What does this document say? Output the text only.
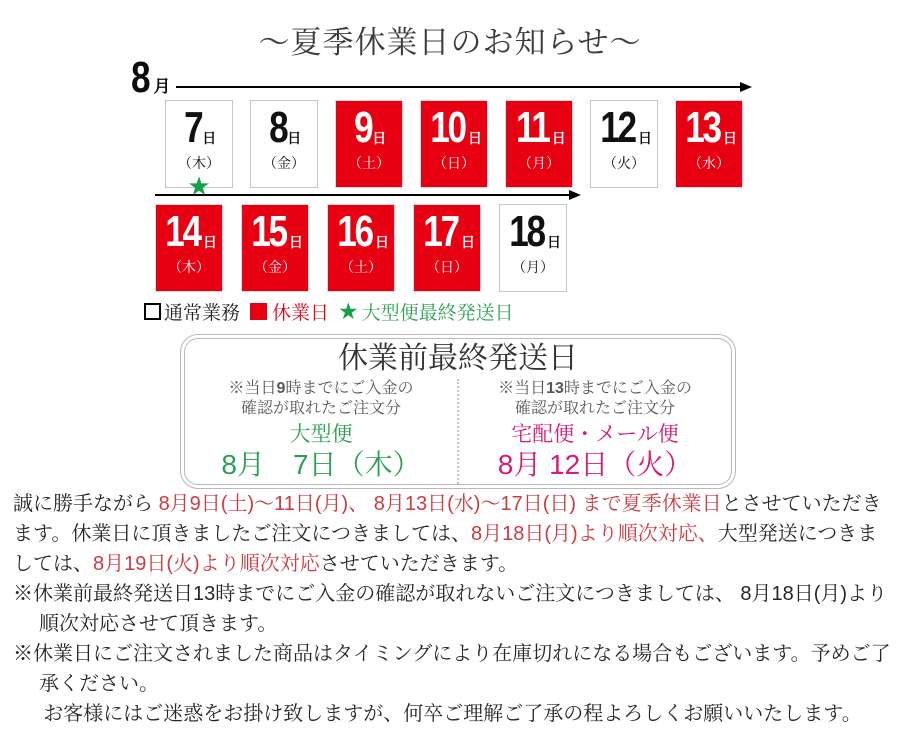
～夏季休業日のお知らせ～
8 月
7 日
（木）
★
8 日
（金）
9 日
（土）
10 日
（日）
11 日
（月）
12 日
（火）
13 日
（水）
14 日
（木）
15 日
（金）
16 日
（土）
17 日
（日）
18 日
（月）
通常業務 休業日 ★ 大型便最終発送日
休業前最終発送日
※当日9時までにご入金の
確認が取れたご注文分
大型便
8月　7日（木）
※当日13時までにご入金の
確認が取れたご注文分
宅配便・メール便
8月 12日（火）

誠に勝手ながら 8月9日(土)～11日(月)、 8月13日(水)～17日(日) まで夏季休業日とさせていただきます。休業日に頂きましたご注文につきましては、8月18日(月)より順次対応、大型発送につきましては、8月19日(火)より順次対応させていただきます。

※休業前最終発送日13時までにご入金の確認が取れないご注文につきましては、 8月18日(月)より順次対応させて頂きます。

※休業日にご注文されました商品はタイミングにより在庫切れになる場合もございます。予めご了承ください。

お客様にはご迷惑をお掛け致しますが、何卒ご理解ご了承の程よろしくお願いいたします。
